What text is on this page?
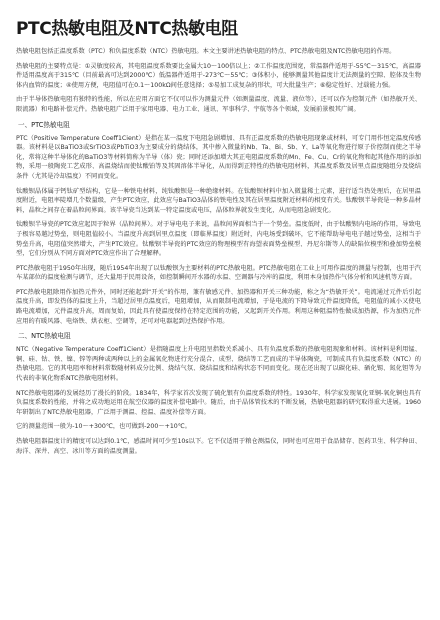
PTC热敏电阻及NTC热敏电阻

热敏电阻包括正温度系数（PTC）和负温度系数（NTC）热敏电阻。本文主要讲述热敏电阻的特点、PTC热敏电阻及NTC热敏电阻的作用。

热敏电阻的主要特点是：①灵敏度较高，其电阻温度系数要比金属大10～100倍以上；②工作温度范围宽，常温器件适用于-55℃～315℃，高温器件适用温度高于315℃（目前最高可达到2000℃）低温器件适用于-273℃～55℃；③体积小，能够测量其他温度计无法测量的空隙、腔体及生物体内血管的温度；④使用方便，电阻值可在0.1～100kΩ间任意选择；⑤易加工成复杂的形状，可大批量生产；⑥稳定性好、过载能力强。

由于半导体热敏电阻有独特的性能，所以在应用方面它不仅可以作为测量元件（如测量温度、流量、液位等），还可以作为控制元件（如热敏开关、限流器）和电路补偿元件。热敏电阻广泛用于家用电器、电力工业、通讯、军事科学、宇航等各个领域，发展前景极其广阔。

一、PTC热敏电阻

PTC（Positive Temperature Coeff1Cient）是指在某一温度下电阻急剧增加、具有正温度系数的热敏电阻现象或材料，可专门用作恒定温度传感器。该材料是以BaTiO3或SrTiO3或PbTiO3为主要成分的烧结体，其中掺入微量的Nb、Ta、Bi、Sb、Y、La等氧化物进行原子价控制而使之半导化，常将这种半导体化的BaTiO3等材料简称为半导（体）瓷；同时还添加增大其正电阻温度系数的Mn、Fe、Cu、Cr的氧化物和起其他作用的添加物，采用一般陶瓷工艺成形、高温烧结而使钛酸铂等及其固溶体半导化，从而得到正特性的热敏电阻材料，其温度系数及居里点温度随组分及烧结条件（尤其是冷却温度）不同而变化。

钛酸钡晶体属于钙钛矿型结构，它是一种铁电材料，纯钛酸钡是一种绝缘材料。在钛酸钡材料中加入微量稀土元素，进行适当热处理后，在居里温度附近，电阻率陡增几个数量级，产生PTC效应，此效应与BaTiO3晶体的铁电性及其在居里温度附近材料的相变有关。钛酸钡半导瓷是一种多晶材料，晶粒之间存在着晶粒间界面。该半导瓷当达到某一特定温度或电压，晶体粒界就发生变化，从而电阻急剧变化。

钛酸钡半导瓷的PTC效应起因于粒界（晶粒间界）。对于导电电子来说，晶粒间界面相当于一个势垒。温度低时，由于钛酸钡内电场的作用，导致电子极容易越过势垒，则电阻值较小。当温度升高到居里点温度（即临界温度）附近时，内电场受到破坏，它不能帮助导电电子越过势垒，这相当于势垒升高，电阻值突然增大，产生PTC效应。钛酸钡半导瓷的PTC效应的物理模型有海望表面势垒模型、丹尼尔斯等人的缺陷位模型和叠加势垒模型，它们分别从不同方面对PTC效应作出了合理解释。

PTC热敏电阻于1950年出现，随后1954年出现了以钛酸钡为主要材料的PTC热敏电阻。PTC热敏电阻在工业上可用作温度的测量与控制，也用于汽车某部位的温度检测与调节，还大量用于民用设备，如控制瞬间开水器的水温、空调器与冷库的温度，利用本身加热作气体分析和风速机等方面。

PTC热敏电阻除用作加热元件外，同时还能起到“开关”的作用，兼有敏感元件、加热器和开关三种功能，称之为“热敏开关”。电流通过元件后引起温度升高，即发热体的温度上升，当超过居里点温度后，电阻增加，从而限制电流增加，于是电流的下降导致元件温度降低，电阻值的减小又使电路电流增加，元件温度升高，周而复始，因此具有使温度保持在特定范围的功能，又起到开关作用。利用这种阻温特性做成加热源，作为加热元件应用的有暖风器、电烙铁、烘衣柜、空调等，还可对电器起到过热保护作用。

二、NTC热敏电阻

NTC（Negative Temperature Coeff1Cient）是指随温度上升电阻呈指数关系减小、具有负温度系数的热敏电阻现象和材料。该材料是利用锰、铜、硅、钴、铁、镍、锌等两种或两种以上的金属氧化物进行充分混合、成型、烧结等工艺而成的半导体陶瓷，可制成具有负温度系数（NTC）的热敏电阻。它的其电阻率和材料常数随材料成分比例、烧结气氛、烧结温度和结构状态不同而变化。现在还出现了以碳化硅、硒化锡、氮化钽等为代表的非氧化物系NTC热敏电阻材料。

NTC热敏电阻器的发展经历了漫长的阶段。1834年，科学家首次发现了硫化银有负温度系数的特性。1930年，科学家发现氧化亚铜-氧化铜也具有负温度系数的性能，并将之成功地运用在航空仪器的温度补偿电路中。随后，由于晶体管技术的不断发展，热敏电阻器的研究取得重大进展。1960年研制出了NTC热敏电阻器，广泛用于测温、控温、温度补偿等方面。

它的测量范围一般为-10～+300℃，也可做到-200～+10℃。

热敏电阻器温度计的精度可以达到0.1℃，感温时间可少至10s以下。它不仅适用于粮仓测温仪，同时也可应用于食品储存、医药卫生、科学种田、海洋、深井、高空、冰川等方面的温度测量。
